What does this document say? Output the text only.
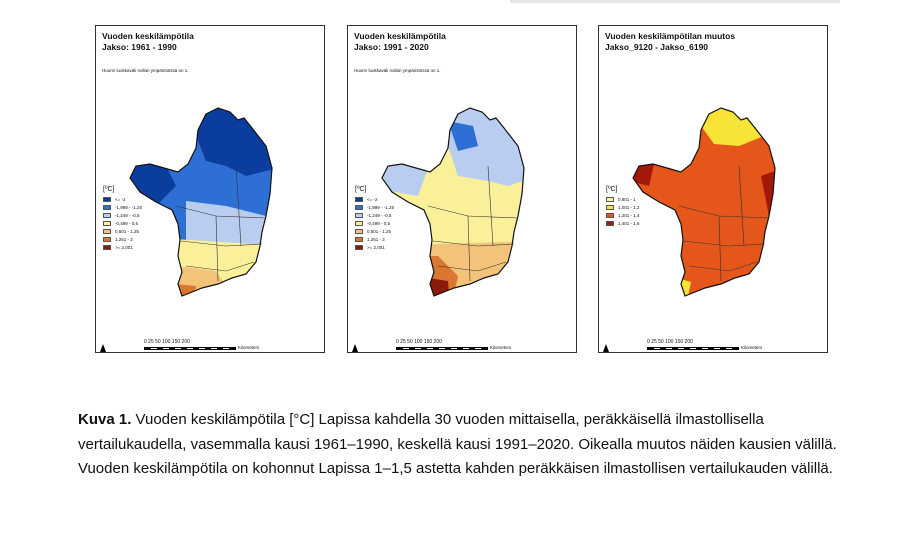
Vuoden keskilämpötila
Jakso: 1961 - 1990
Huom! luokkaväli nollan ympäristössä on 1.
[ºC]
<= -2
-1,999 - -1,25
-1,249 - -0,5
-0,499 - 0,5
0,501 - 1,25
1,251 - 2
>= 2,001
0 25 50 100 150 200
Kilometers
Vuoden keskilämpötila
Jakso: 1991 - 2020
Huom! luokkaväli nollan ympäristössä on 1.
[ºC]
<= -2
-1,999 - -1,25
-1,249 - -0,5
-0,499 - 0,5
0,501 - 1,25
1,251 - 2
>= 2,001
0 25 50 100 150 200
Kilometers
Vuoden keskilämpötilan muutos
Jakso_9120 - Jakso_6190
[ºC]
0,801 - 1
1,001 - 1,2
1,201 - 1,4
1,401 - 1,6
0 25 50 100 150 200
Kilometers
Kuva 1. Vuoden keskilämpötila [°C] Lapissa kahdella 30 vuoden mittaisella, peräkkäisellä ilmastollisella vertailukaudella, vasemmalla kausi 1961–1990, keskellä kausi 1991–2020. Oikealla muutos näiden kausien välillä. Vuoden keskilämpötila on kohonnut Lapissa 1–1,5 astetta kahden peräkkäisen ilmastollisen vertailukauden välillä.
